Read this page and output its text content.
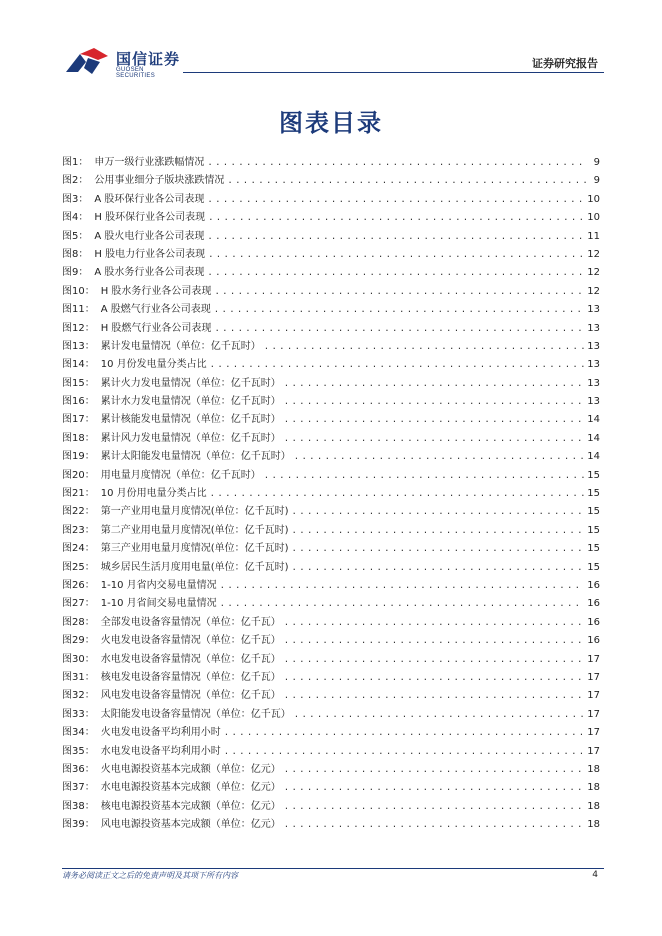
国信证券
GUOSEN SECURITIES
证券研究报告
图表目录
图1： 申万一级行业涨跌幅情况 .....	9
图2： 公用事业细分子版块涨跌情况 .....	9
图3： A 股环保行业各公司表现 .....	10
图4： H 股环保行业各公司表现 .....	10
图5： A 股火电行业各公司表现 .....	11
图8： H 股电力行业各公司表现 .....	12
图9： A 股水务行业各公司表现 .....	12
图10： H 股水务行业各公司表现 .....	12
图11： A 股燃气行业各公司表现 .....	13
图12： H 股燃气行业各公司表现 .....	13
图13： 累计发电量情况（单位：亿千瓦时） .....	13
图14： 10 月份发电量分类占比 .....	13
图15： 累计火力发电量情况（单位：亿千瓦时） .....	13
图16： 累计水力发电量情况（单位：亿千瓦时） .....	13
图17： 累计核能发电量情况（单位：亿千瓦时） .....	14
图18： 累计风力发电量情况（单位：亿千瓦时） .....	14
图19： 累计太阳能发电量情况（单位：亿千瓦时） .....	14
图20： 用电量月度情况（单位：亿千瓦时） .....	15
图21： 10 月份用电量分类占比 .....	15
图22： 第一产业用电量月度情况(单位：亿千瓦时) .....	15
图23： 第二产业用电量月度情况(单位：亿千瓦时) .....	15
图24： 第三产业用电量月度情况(单位：亿千瓦时) .....	15
图25： 城乡居民生活月度用电量(单位：亿千瓦时) .....	15
图26： 1-10 月省内交易电量情况 .....	16
图27： 1-10 月省间交易电量情况 .....	16
图28： 全部发电设备容量情况（单位：亿千瓦） .....	16
图29： 火电发电设备容量情况（单位：亿千瓦） .....	16
图30： 水电发电设备容量情况（单位：亿千瓦） .....	17
图31： 核电发电设备容量情况（单位：亿千瓦） .....	17
图32： 风电发电设备容量情况（单位：亿千瓦） .....	17
图33： 太阳能发电设备容量情况（单位：亿千瓦） .....	17
图34： 火电发电设备平均利用小时 .....	17
图35： 水电发电设备平均利用小时 .....	17
图36： 火电电源投资基本完成额（单位：亿元） .....	18
图37： 水电电源投资基本完成额（单位：亿元） .....	18
图38： 核电电源投资基本完成额（单位：亿元） .....	18
图39： 风电电源投资基本完成额（单位：亿元） .....	18
请务必阅读正文之后的免责声明及其项下所有内容	4
